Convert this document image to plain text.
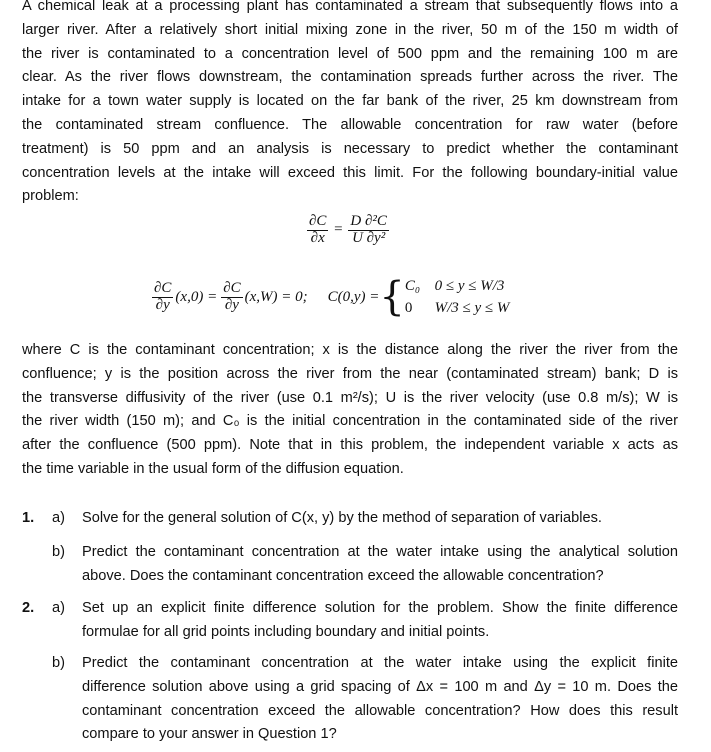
A chemical leak at a processing plant has contaminated a stream that subsequently flows into a
larger river. After a relatively short initial mixing zone in the river, 50 m of the 150 m width of
the river is contaminated to a concentration level of 500 ppm and the remaining 100 m are
clear. As the river flows downstream, the contamination spreads further across the river. The
intake for a town water supply is located on the far bank of the river, 25 km downstream from
the contaminated stream confluence. The allowable concentration for raw water (before
treatment) is 50 ppm and an analysis is necessary to predict whether the contaminant
concentration levels at the intake will exceed this limit. For the following boundary-initial value
problem:
$\frac{\partial C}{\partial x} = \frac{\text{D ∂²C}}{\text{U ∂y²}}$
$\frac{\partial C}{\partial y} (x,0) = \frac{\partial C}{\partial y} (x,W) = 0$; C(0,y) = { C₀ 0 ≤ y ≤ W/3
0 W/3 ≤ y ≤ W
where C is the contaminant concentration; x is the distance along the river the river from the
confluence; y is the position across the river from the near (contaminated stream) bank; D is
the transverse diffusivity of the river (use 0.1 m²/s); U is the river velocity (use 0.8 m/s); W is
the river width (150 m); and C₀ is the initial concentration in the contaminated side of the river
after the confluence (500 ppm). Note that in this problem, the independent variable x acts as
the time variable in the usual form of the diffusion equation.
1. a) Solve for the general solution of C(x, y) by the method of separation of variables.
b) Predict the contaminant concentration at the water intake using the analytical solution
above. Does the contaminant concentration exceed the allowable concentration?
2. a) Set up an explicit finite difference solution for the problem. Show the finite difference
formulae for all grid points including boundary and initial points.
b) Predict the contaminant concentration at the water intake using the explicit finite
difference solution above using a grid spacing of Δx = 100 m and Δy = 10 m. Does the
contaminant concentration exceed the allowable concentration? How does this result
compare to your answer in Question 1?
